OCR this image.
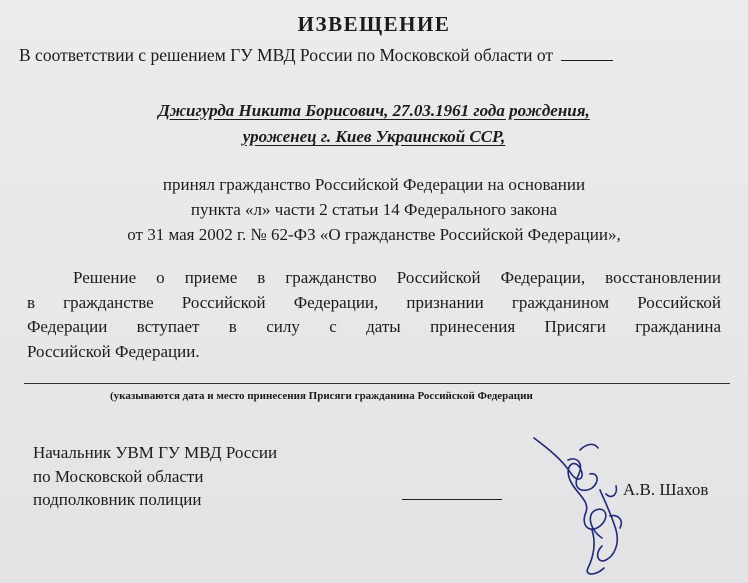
ИЗВЕЩЕНИЕ
В соответствии с решением ГУ МВД России по Московской области от
Джигурда Никита Борисович, 27.03.1961 года рождения,
уроженец г. Киев Украинской ССР,
принял гражданство Российской Федерации на основании
пункта «л» части 2 статьи 14 Федерального закона
от 31 мая 2002 г. № 62-ФЗ «О гражданстве Российской Федерации»,
Решение о приеме в гражданство Российской Федерации, восстановлении
в гражданстве Российской Федерации, признании гражданином Российской
Федерации вступает в силу с даты принесения Присяги гражданина
Российской Федерации.
(указываются дата и место принесения Присяги гражданина Российской Федерации
Начальник УВМ ГУ МВД России
по Московской области
подполковник полиции
А.В. Шахов
